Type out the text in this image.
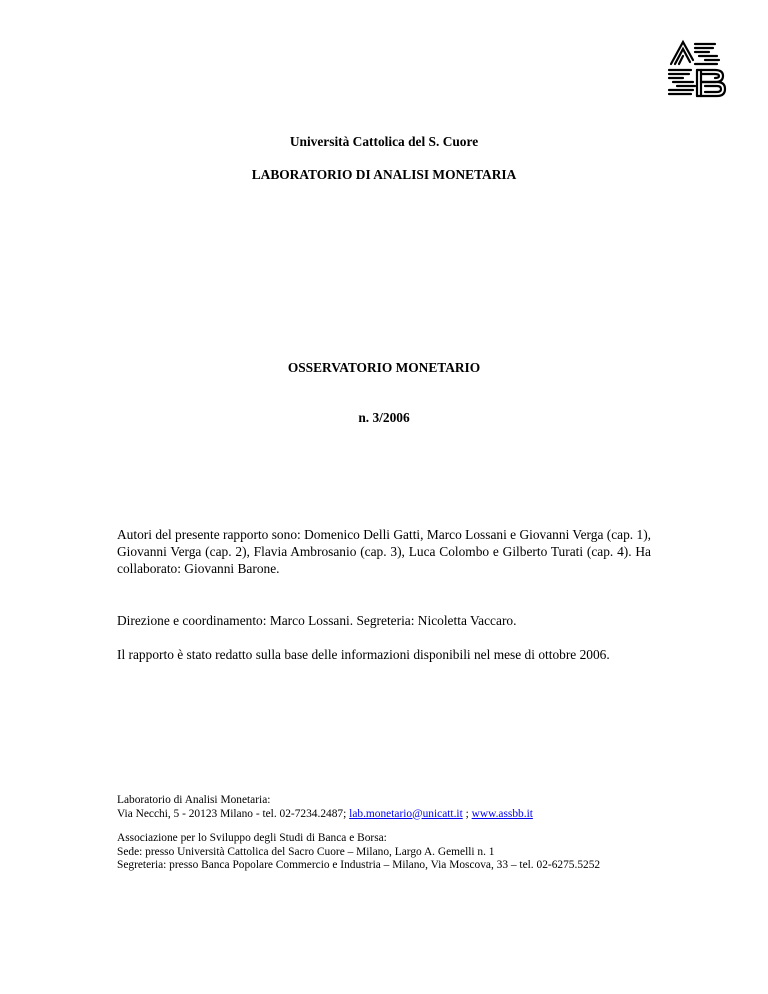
Università Cattolica del S. Cuore
LABORATORIO DI ANALISI MONETARIA
OSSERVATORIO MONETARIO
n. 3/2006
Autori del presente rapporto sono: Domenico Delli Gatti, Marco Lossani e Giovanni Verga (cap. 1), Giovanni Verga (cap. 2), Flavia Ambrosanio (cap. 3), Luca Colombo e Gilberto Turati (cap. 4). Ha collaborato: Giovanni Barone.
Direzione e coordinamento: Marco Lossani. Segreteria: Nicoletta Vaccaro.
Il rapporto è stato redatto sulla base delle informazioni disponibili nel mese di ottobre 2006.
Laboratorio di Analisi Monetaria:
Via Necchi, 5 - 20123 Milano - tel. 02-7234.2487; lab.monetario@unicatt.it ; www.assbb.it
Associazione per lo Sviluppo degli Studi di Banca e Borsa:
Sede: presso Università Cattolica del Sacro Cuore – Milano, Largo A. Gemelli n. 1
Segreteria: presso Banca Popolare Commercio e Industria – Milano, Via Moscova, 33 – tel. 02-6275.5252
